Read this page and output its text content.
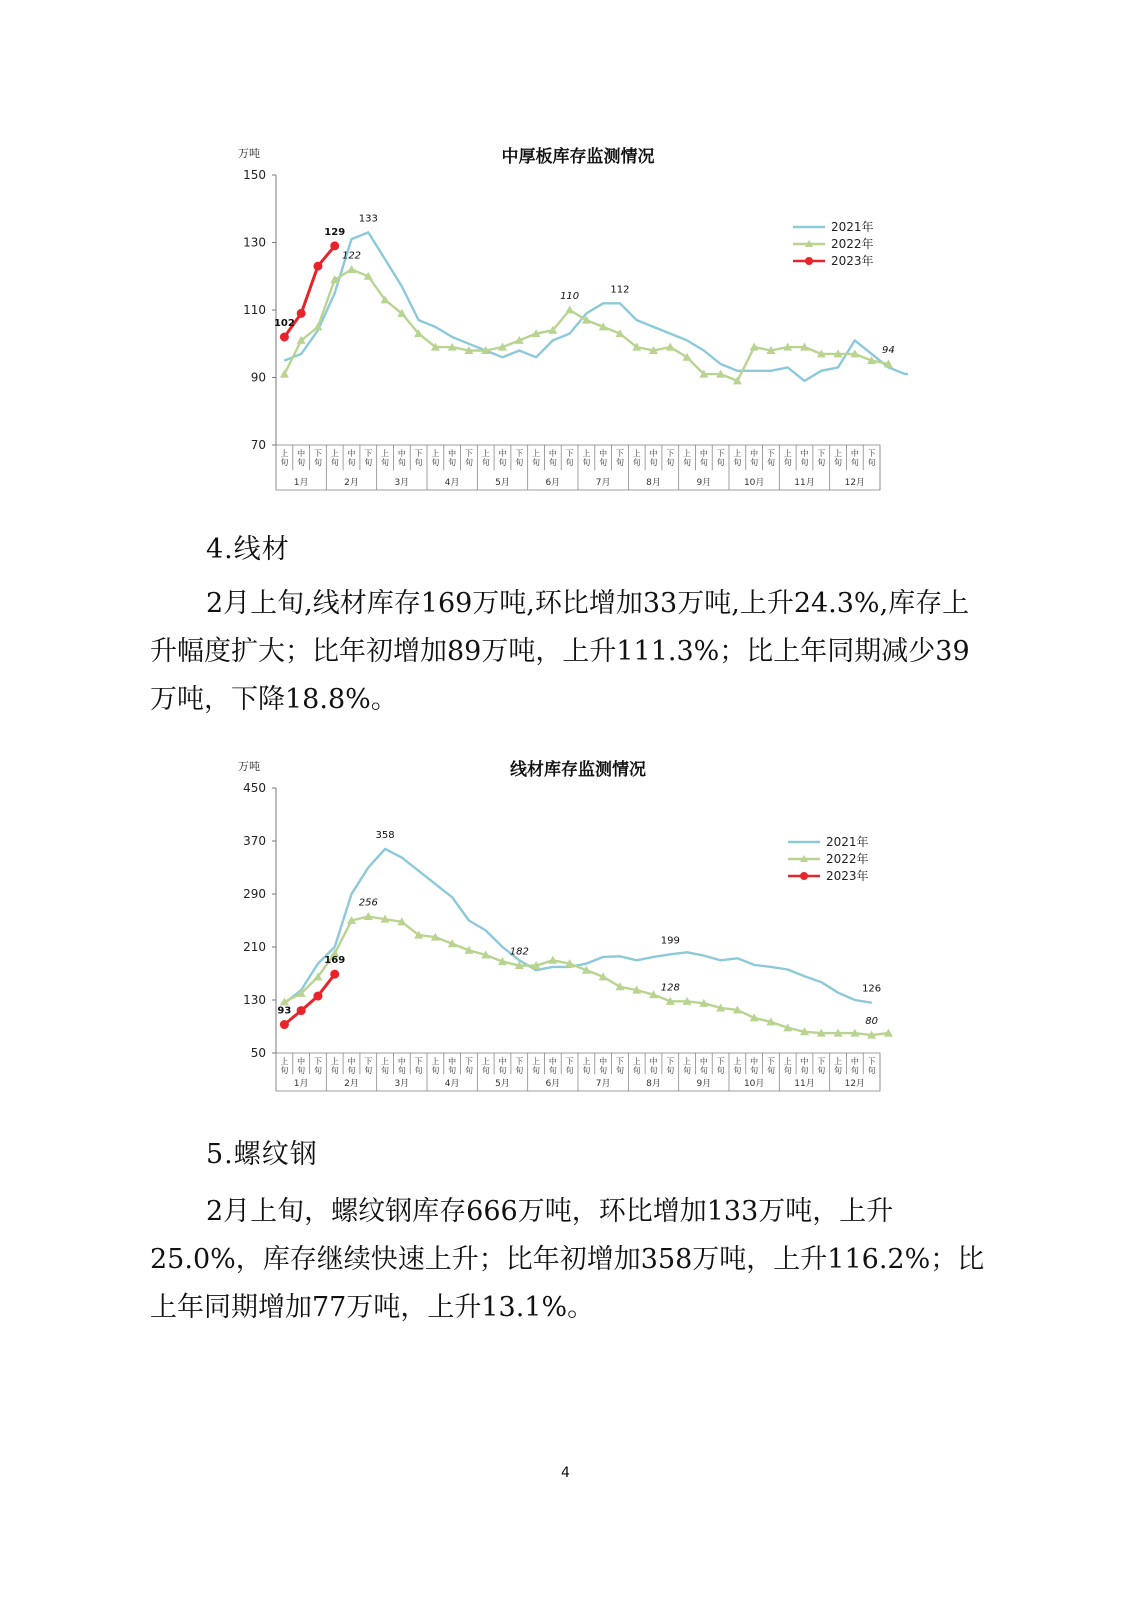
中厚板库存监测情况
万吨
70
90
110
130
150
上旬
中旬
下旬
上旬
中旬
下旬
上旬
中旬
下旬
上旬
中旬
下旬
上旬
中旬
下旬
上旬
中旬
下旬
上旬
中旬
下旬
上旬
中旬
下旬
上旬
中旬
下旬
上旬
中旬
下旬
上旬
中旬
下旬
上旬
中旬
下旬
1月	2月	3月	4月	5月	6月	7月	8月	9月	10月	11月	12月
133
112
122
110
94
102
129	2021年
2022年
2023年
4.线材

2月上旬,线材库存169万吨,环比增加33万吨,上升24.3%,库存上升幅度扩大；比年初增加89万吨，上升111.3%；比上年同期减少39万吨，下降18.8%。

线材库存监测情况
万吨
50
130
210
290
370
450
上旬
中旬
下旬
上旬
中旬
下旬
上旬
中旬
下旬
上旬
中旬
下旬
上旬
中旬
下旬
上旬
中旬
下旬
上旬
中旬
下旬
上旬
中旬
下旬
上旬
中旬
下旬
上旬
中旬
下旬
上旬
中旬
下旬
上旬
中旬
下旬
1月	2月	3月	4月	5月	6月	7月	8月	9月	10月	11月	12月
358
199
126
256
182
128
80
93
169
2021年
2022年
2023年
5.螺纹钢

2月上旬，螺纹钢库存666万吨，环比增加133万吨，上升25.0%，库存继续快速上升；比年初增加358万吨，上升116.2%；比上年同期增加77万吨，上升13.1%。

4
